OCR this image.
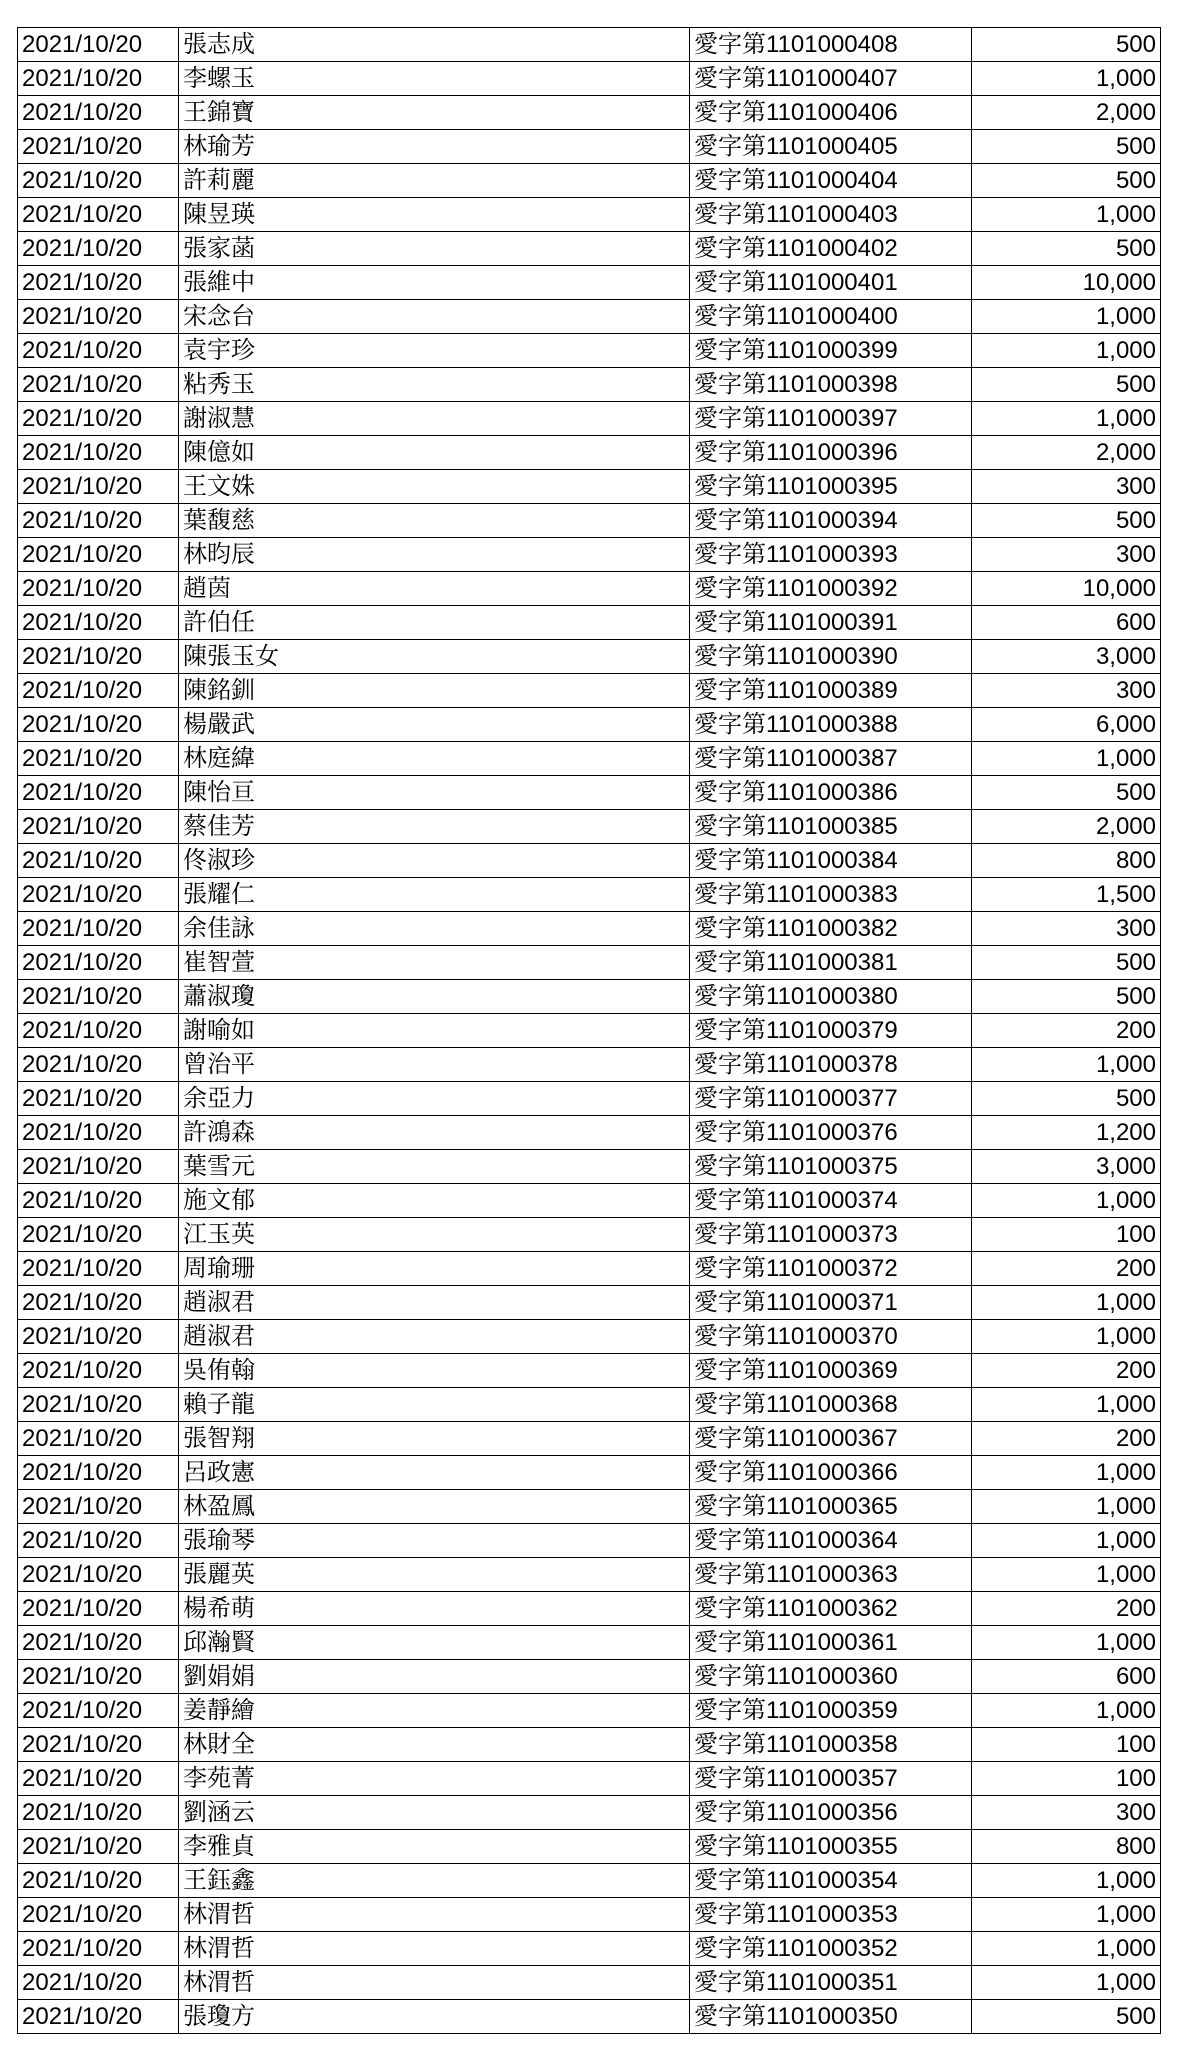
2021/10/20	張志成	愛字第1101000408	500
2021/10/20	李螺玉	愛字第1101000407	1,000
2021/10/20	王錦寶	愛字第1101000406	2,000
2021/10/20	林瑜芳	愛字第1101000405	500
2021/10/20	許莉麗	愛字第1101000404	500
2021/10/20	陳昱瑛	愛字第1101000403	1,000
2021/10/20	張家菡	愛字第1101000402	500
2021/10/20	張維中	愛字第1101000401	10,000
2021/10/20	宋念台	愛字第1101000400	1,000
2021/10/20	袁宇珍	愛字第1101000399	1,000
2021/10/20	粘秀玉	愛字第1101000398	500
2021/10/20	謝淑慧	愛字第1101000397	1,000
2021/10/20	陳億如	愛字第1101000396	2,000
2021/10/20	王文姝	愛字第1101000395	300
2021/10/20	葉馥慈	愛字第1101000394	500
2021/10/20	林昀辰	愛字第1101000393	300
2021/10/20	趙茵	愛字第1101000392	10,000
2021/10/20	許伯任	愛字第1101000391	600
2021/10/20	陳張玉女	愛字第1101000390	3,000
2021/10/20	陳銘釧	愛字第1101000389	300
2021/10/20	楊嚴武	愛字第1101000388	6,000
2021/10/20	林庭緯	愛字第1101000387	1,000
2021/10/20	陳怡亘	愛字第1101000386	500
2021/10/20	蔡佳芳	愛字第1101000385	2,000
2021/10/20	佟淑珍	愛字第1101000384	800
2021/10/20	張耀仁	愛字第1101000383	1,500
2021/10/20	余佳詠	愛字第1101000382	300
2021/10/20	崔智萱	愛字第1101000381	500
2021/10/20	蕭淑瓊	愛字第1101000380	500
2021/10/20	謝喻如	愛字第1101000379	200
2021/10/20	曾治平	愛字第1101000378	1,000
2021/10/20	余亞力	愛字第1101000377	500
2021/10/20	許鴻森	愛字第1101000376	1,200
2021/10/20	葉雪元	愛字第1101000375	3,000
2021/10/20	施文郁	愛字第1101000374	1,000
2021/10/20	江玉英	愛字第1101000373	100
2021/10/20	周瑜珊	愛字第1101000372	200
2021/10/20	趙淑君	愛字第1101000371	1,000
2021/10/20	趙淑君	愛字第1101000370	1,000
2021/10/20	吳侑翰	愛字第1101000369	200
2021/10/20	賴子龍	愛字第1101000368	1,000
2021/10/20	張智翔	愛字第1101000367	200
2021/10/20	呂政憲	愛字第1101000366	1,000
2021/10/20	林盈鳳	愛字第1101000365	1,000
2021/10/20	張瑜琴	愛字第1101000364	1,000
2021/10/20	張麗英	愛字第1101000363	1,000
2021/10/20	楊希萌	愛字第1101000362	200
2021/10/20	邱瀚賢	愛字第1101000361	1,000
2021/10/20	劉娟娟	愛字第1101000360	600
2021/10/20	姜靜繪	愛字第1101000359	1,000
2021/10/20	林財全	愛字第1101000358	100
2021/10/20	李苑菁	愛字第1101000357	100
2021/10/20	劉涵云	愛字第1101000356	300
2021/10/20	李雅貞	愛字第1101000355	800
2021/10/20	王鈺鑫	愛字第1101000354	1,000
2021/10/20	林渭哲	愛字第1101000353	1,000
2021/10/20	林渭哲	愛字第1101000352	1,000
2021/10/20	林渭哲	愛字第1101000351	1,000
2021/10/20	張瓊方	愛字第1101000350	500
